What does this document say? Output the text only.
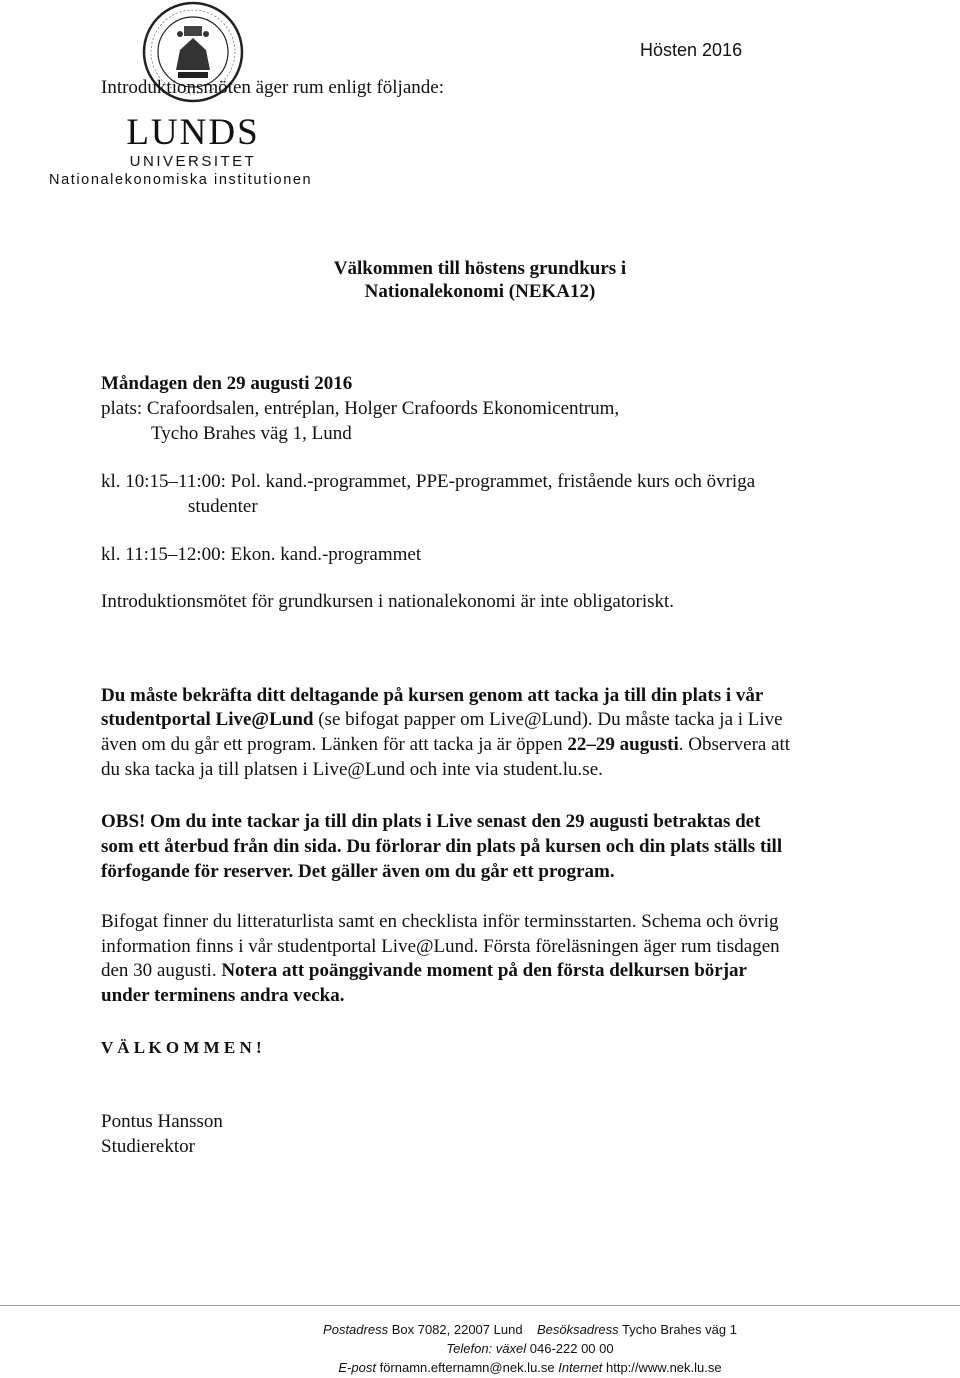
LUNDS
UNIVERSITET

Nationalekonomiska institutionen

Hösten 2016

Välkommen till höstens grundkurs i
Nationalekonomi (NEKA12)

Introduktionsmöten äger rum enligt följande:

Måndagen den 29 augusti 2016

plats: Crafoordsalen, entréplan, Holger Crafoords Ekonomicentrum,

Tycho Brahes väg 1, Lund

kl. 10:15–11:00: Pol. kand.-programmet, PPE-programmet, fristående kurs och övriga

studenter

kl. 11:15–12:00: Ekon. kand.-programmet

Introduktionsmötet för grundkursen i nationalekonomi är inte obligatoriskt.

Du måste bekräfta ditt deltagande på kursen genom att tacka ja till din plats i vår

studentportal Live@Lund (se bifogat papper om Live@Lund). Du måste tacka ja i Live

även om du går ett program. Länken för att tacka ja är öppen 22–29 augusti. Observera att

du ska tacka ja till platsen i Live@Lund och inte via student.lu.se.

OBS! Om du inte tackar ja till din plats i Live senast den 29 augusti betraktas det

som ett återbud från din sida. Du förlorar din plats på kursen och din plats ställs till

förfogande för reserver. Det gäller även om du går ett program.

Bifogat finner du litteraturlista samt en checklista inför terminsstarten. Schema och övrig

information finns i vår studentportal Live@Lund. Första föreläsningen äger rum tisdagen

den 30 augusti. Notera att poänggivande moment på den första delkursen börjar

under terminens andra vecka.

V Ä L K O M M E N !

Pontus Hansson

Studierektor

Postadress Box 7082, 22007 Lund Besöksadress Tycho Brahes väg 1

Telefon: växel 046-222 00 00

E-post förnamn.efternamn@nek.lu.se Internet http://www.nek.lu.se
